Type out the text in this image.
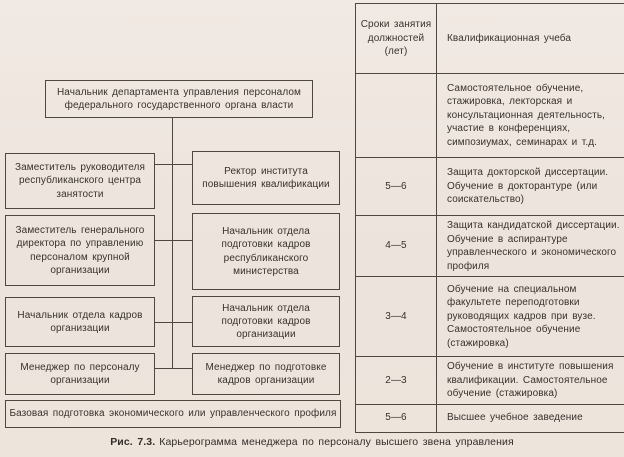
Начальник департамента управления персоналом федерального государственного органа власти
Заместитель руководителя республиканского центра занятости
Заместитель генерального директора по управлению персоналом крупной организации
Начальник отдела кадров организации
Менеджер по персоналу организации
Ректор института повышения квалификации
Начальник отдела подготовки кадров республиканского министерства
Начальник отдела подготовки кадров организации
Менеджер по подготовке кадров организации
Базовая подготовка экономического или управленческого профиля
Сроки занятия должностей (лет)	Квалификационная учеба
	Самостоятельное обучение, стажировка, лекторская и консультационная деятельность, участие в конференциях, симпозиумах, семинарах и т.д.
5—6	Защита докторской диссертации. Обучение в докторантуре (или соискательство)
4—5	Защита кандидатской диссертации. Обучение в аспирантуре управленческого и экономического профиля
3—4	Обучение на специальном факультете переподготовки руководящих кадров при вузе. Самостоятельное обучение (стажировка)
2—3	Обучение в институте повышения квалификации. Самостоятельное обучение (стажировка)
5—6	Высшее учебное заведение
Рис. 7.3. Карьерограмма менеджера по персоналу высшего звена управления
